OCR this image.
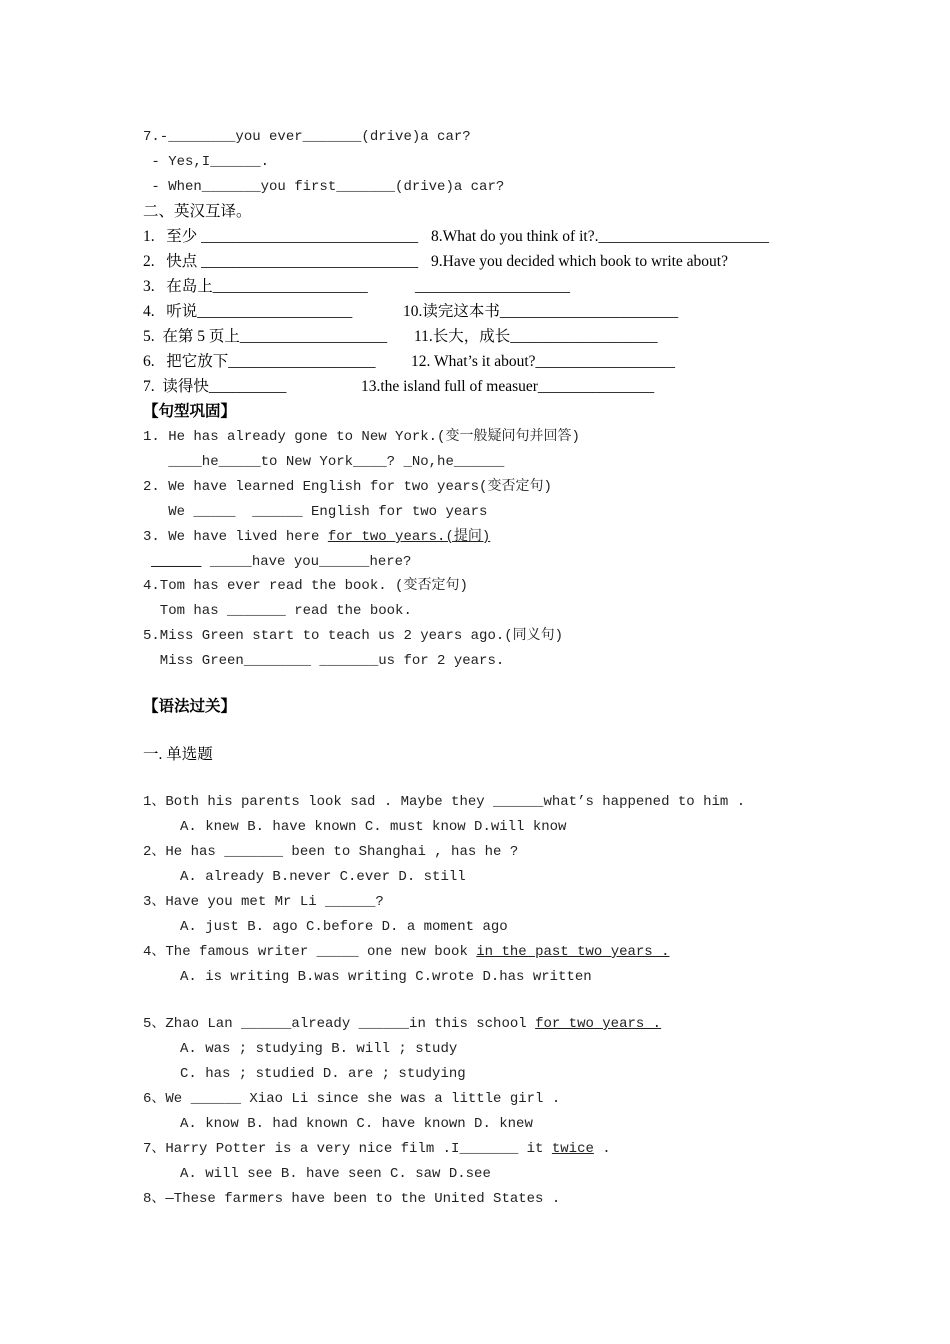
7.-________you ever_______(drive)a car?
- Yes,I______.
- When_______you first_______(drive)a car?
二、英汉互译。
1.   至少 ____________________________ 8.What do you think of it?.______________________
2.   快点 ____________________________ 9.Have you decided which book to write about?
3.   在岛上____________________	____________________
4.   听说____________________	10.读完这本书_______________________
5.  在第 5 页上___________________ 11.长大，成长___________________
6.   把它放下___________________ 12. What’s it about?__________________
7.  读得快__________	13.the island full of measuer_______________
【句型巩固】
1. He has already gone to New York.(变一般疑问句并回答)
____he_____to New York____? _No,he______
2. We have learned English for two years(变否定句)
We _____  ______ English for two years
3. We have lived here for two years.(提问)
______ _____have you______here?
4.Tom has ever read the book. (变否定句)
Tom has _______ read the book.
5.Miss Green start to teach us 2 years ago.(同义句)
Miss Green________ _______us for 2 years.
【语法过关】
一. 单选题
1、Both his parents look sad . Maybe they ______what’s happened to him .
A. knew B. have known C. must know D.will know
2、He has _______ been to Shanghai , has he ?
A. already B.never C.ever D. still
3、Have you met Mr Li ______?
A. just B. ago C.before D. a moment ago
4、The famous writer _____ one new book in the past two years .
A. is writing B.was writing C.wrote D.has written
5、Zhao Lan ______already ______in this school for two years .
A. was ; studying B. will ; study
C. has ; studied D. are ; studying
6、We ______ Xiao Li since she was a little girl .
A. know B. had known C. have known D. knew
7、Harry Potter is a very nice film .I_______ it twice .
A. will see B. have seen C. saw D.see
8、—These farmers have been to the United States .
